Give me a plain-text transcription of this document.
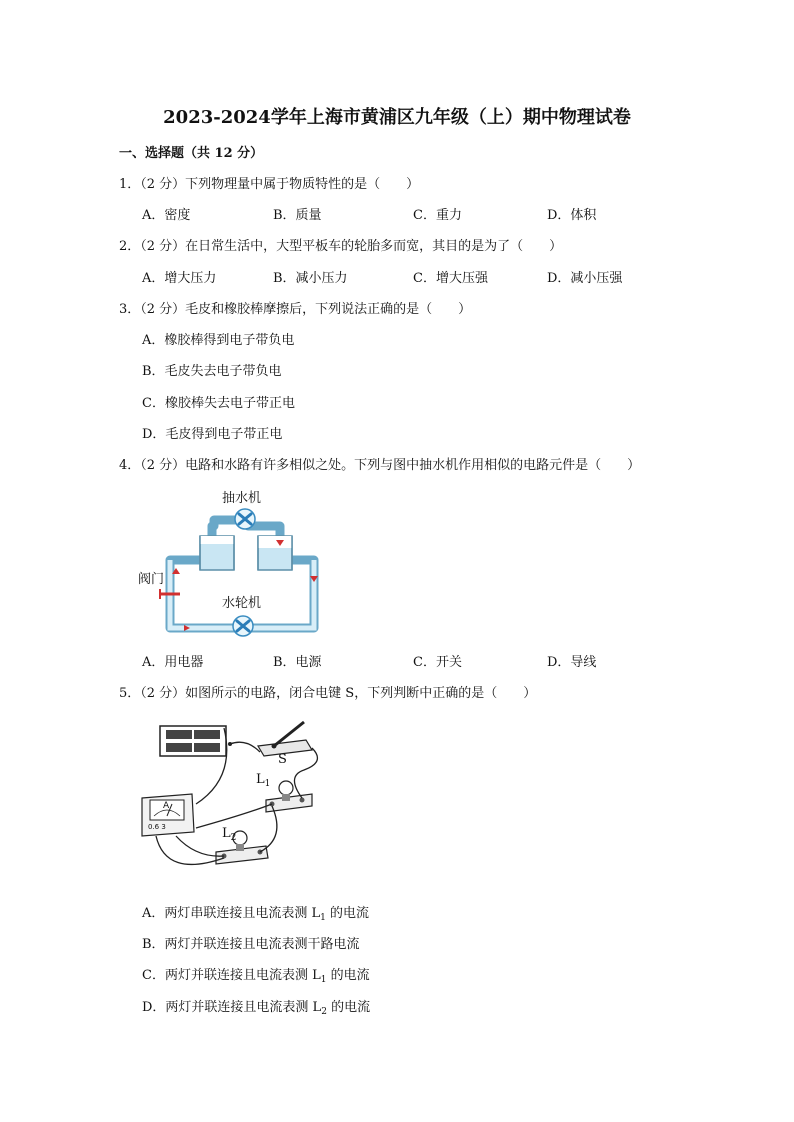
2023-2024学年上海市黄浦区九年级（上）期中物理试卷
一、选择题（共 12 分）
1．（2 分）下列物理量中属于物质特性的是（　　）
A．密度	B．质量	C．重力	D．体积
2．（2 分）在日常生活中，大型平板车的轮胎多而宽，其目的是为了（　　）
A．增大压力	B．减小压力	C．增大压强	D．减小压强
3．（2 分）毛皮和橡胶棒摩擦后，下列说法正确的是（　　）
A．橡胶棒得到电子带负电
B．毛皮失去电子带负电
C．橡胶棒失去电子带正电
D．毛皮得到电子带正电
4．（2 分）电路和水路有许多相似之处。下列与图中抽水机作用相似的电路元件是（　　）
抽水机
阀门
水轮机
A．用电器	B．电源	C．开关	D．导线
5．（2 分）如图所示的电路，闭合电键 S，下列判断中正确的是（　　）
S
$L_1$
$L_2$
A
0.6 3
A．两灯串联连接且电流表测 $L_1$ 的电流
B．两灯并联连接且电流表测干路电流
C．两灯并联连接且电流表测 $L_1$ 的电流
D．两灯并联连接且电流表测 $L_2$ 的电流
